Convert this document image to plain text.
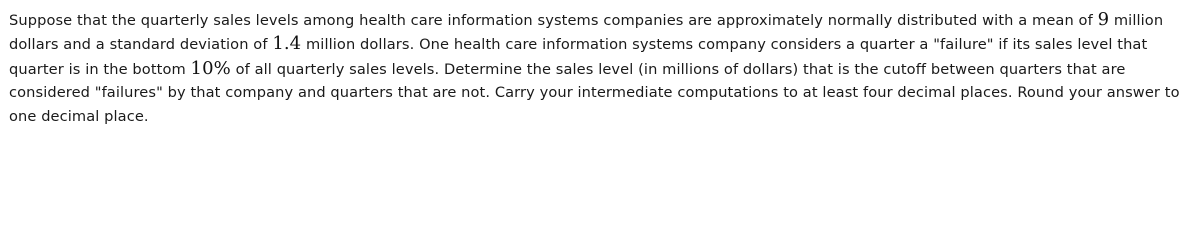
Suppose that the quarterly sales levels among health care information systems companies are approximately normally distributed with a mean of 9 million dollars and a standard deviation of 1.4 million dollars. One health care information systems company considers a quarter a "failure" if its sales level that quarter is in the bottom 10% of all quarterly sales levels. Determine the sales level (in millions of dollars) that is the cutoff between quarters that are considered "failures" by that company and quarters that are not. Carry your intermediate computations to at least four decimal places. Round your answer to one decimal place.
